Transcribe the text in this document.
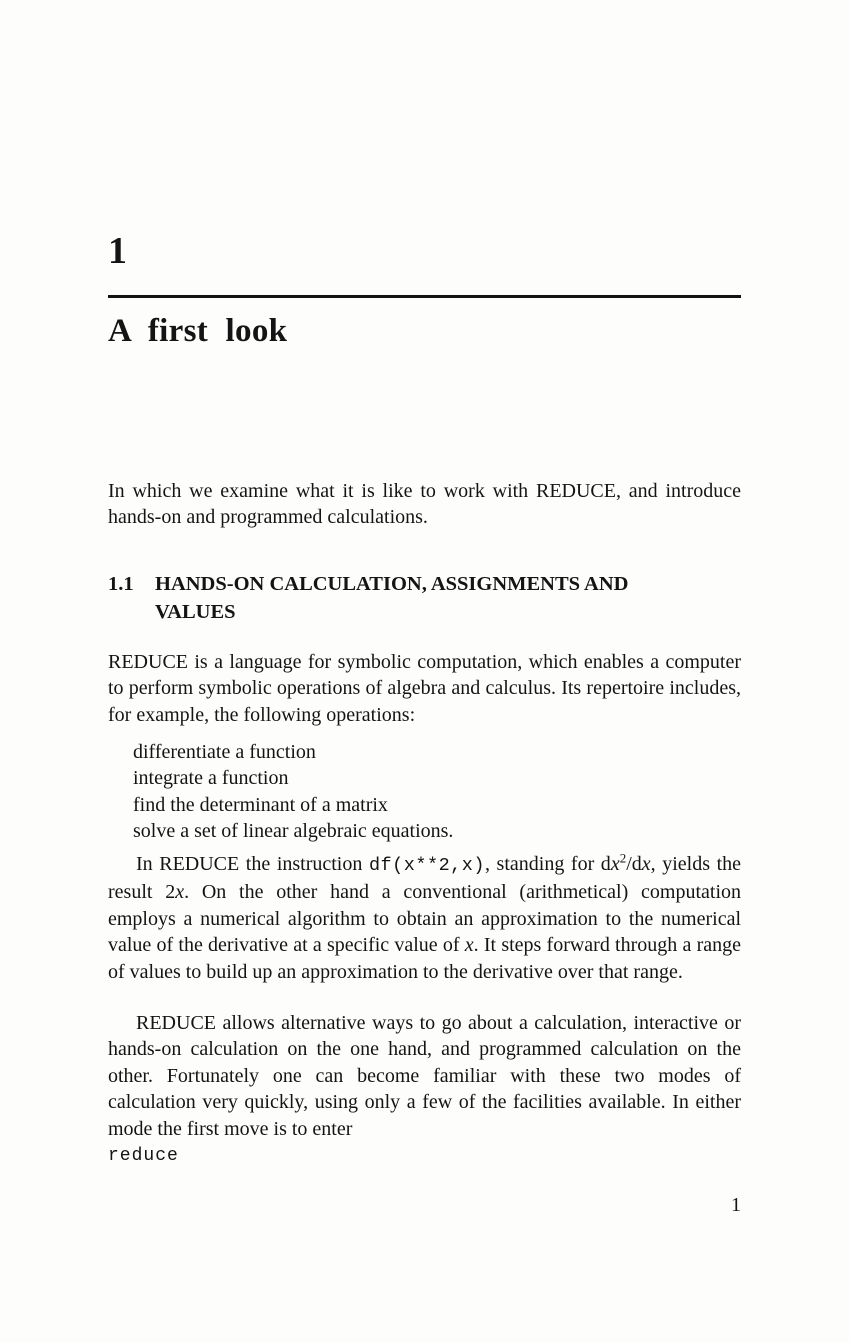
1
A first look

In which we examine what it is like to work with REDUCE, and introduce hands-on and programmed calculations.

1.1	HANDS-ON CALCULATION, ASSIGNMENTS AND
VALUES

REDUCE is a language for symbolic computation, which enables a computer to perform symbolic operations of algebra and calculus. Its repertoire includes, for example, the following operations:

differentiate a function
integrate a function
find the determinant of a matrix
solve a set of linear algebraic equations.

In REDUCE the instruction df(x**2,x), standing for $dx^2/dx$, yields the result 2x. On the other hand a conventional (arithmetical) computation employs a numerical algorithm to obtain an approximation to the numerical value of the derivative at a specific value of x. It steps forward through a range of values to build up an approximation to the derivative over that range.

REDUCE allows alternative ways to go about a calculation, interactive or hands-on calculation on the one hand, and programmed calculation on the other. Fortunately one can become familiar with these two modes of calculation very quickly, using only a few of the facilities available. In either mode the first move is to enter

reduce
1
